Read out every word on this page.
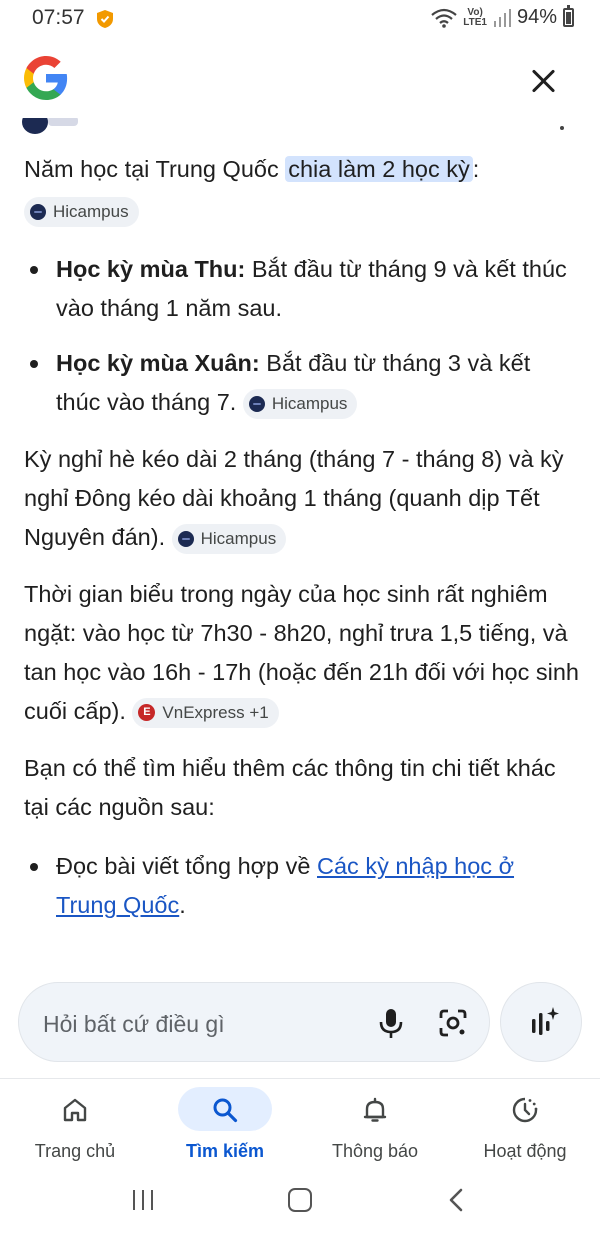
07:57	Vo)
LTE1 94%

Năm học tại Trung Quốc chia làm 2 học kỳ :

Hicampus
Học kỳ mùa Thu: Bắt đầu từ tháng 9 và kết thúc vào tháng 1 năm sau.
Học kỳ mùa Xuân: Bắt đầu từ tháng 3 và kết thúc vào tháng 7. Hicampus

Kỳ nghỉ hè kéo dài 2 tháng (tháng 7 - tháng 8) và kỳ nghỉ Đông kéo dài khoảng 1 tháng (quanh dịp Tết Nguyên đán). Hicampus

Thời gian biểu trong ngày của học sinh rất nghiêm ngặt: vào học từ 7h30 - 8h20, nghỉ trưa 1,5 tiếng, và tan học vào 16h - 17h (hoặc đến 21h đối với học sinh cuối cấp). E VnExpress +1

Bạn có thể tìm hiểu thêm các thông tin chi tiết khác tại các nguồn sau:

Đọc bài viết tổng hợp về Các kỳ nhập học ở Trung Quốc.
Hỏi bất cứ điều gì
Trang chủ	Tìm kiếm	Thông báo	Hoạt động
